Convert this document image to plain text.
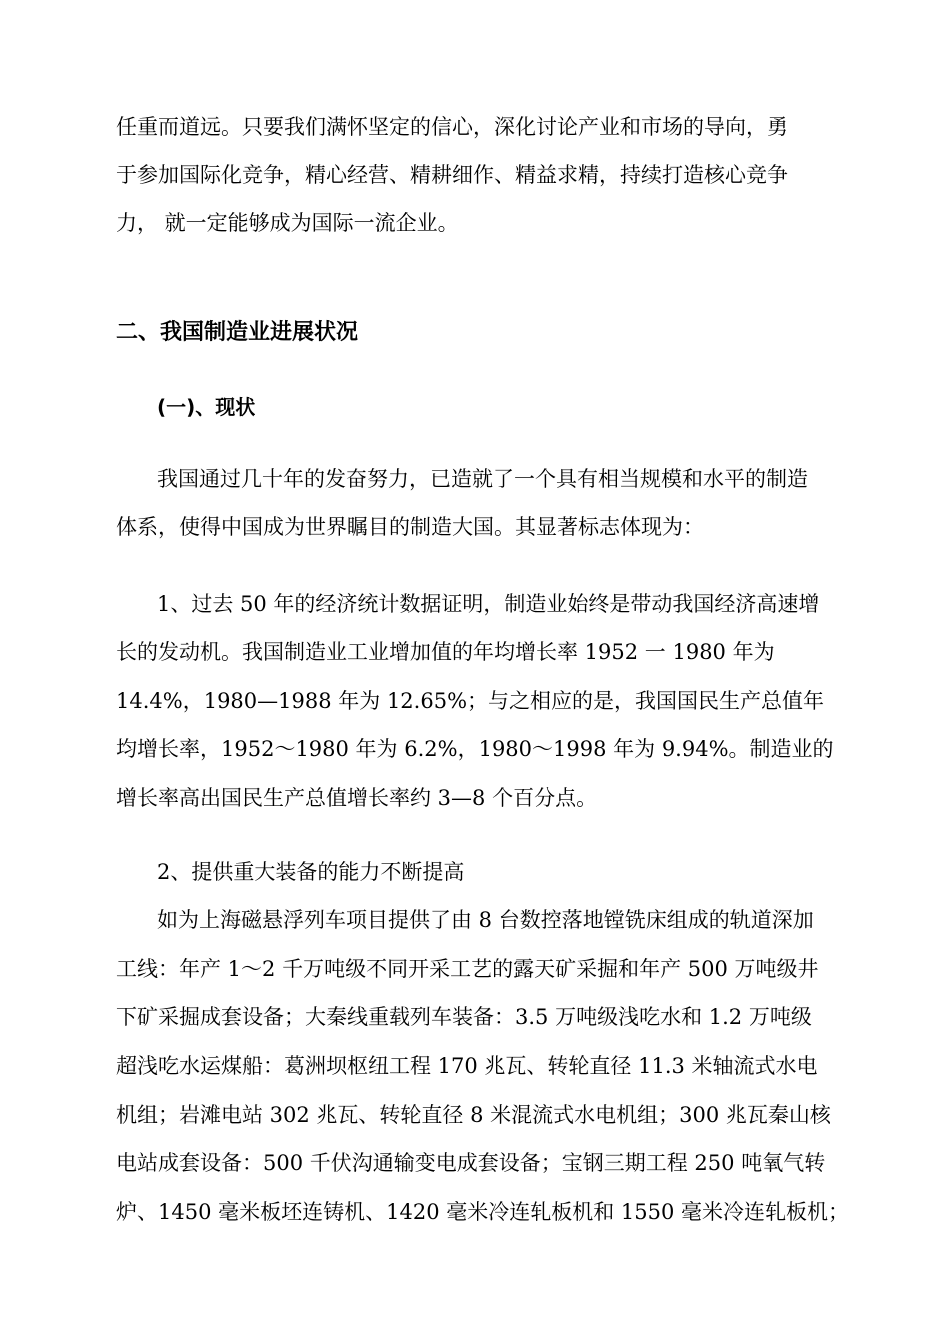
任重而道远。只要我们满怀坚定的信心，深化讨论产业和市场的导向，勇
于参加国际化竞争，精心经营、精耕细作、精益求精，持续打造核心竞争
力， 就一定能够成为国际一流企业。
二、我国制造业进展状况
(一)、现状
我国通过几十年的发奋努力，已造就了一个具有相当规模和水平的制造
体系，使得中国成为世界瞩目的制造大国。其显著标志体现为：
1、过去 50 年的经济统计数据证明，制造业始终是带动我国经济高速增
长的发动机。我国制造业工业增加值的年均增长率 1952 一 1980 年为
14.4%，1980—1988 年为 12.65%；与之相应的是，我国国民生产总值年
均增长率，1952～1980 年为 6.2%，1980～1998 年为 9.94%。制造业的
增长率高出国民生产总值增长率约 3—8 个百分点。
2、提供重大装备的能力不断提高
如为上海磁悬浮列车项目提供了由 8 台数控落地镗铣床组成的轨道深加
工线：年产 1～2 千万吨级不同开采工艺的露天矿采掘和年产 500 万吨级井
下矿采掘成套设备；大秦线重载列车装备：3.5 万吨级浅吃水和 1.2 万吨级
超浅吃水运煤船：葛洲坝枢纽工程 170 兆瓦、转轮直径 11.3 米轴流式水电
机组；岩滩电站 302 兆瓦、转轮直径 8 米混流式水电机组；300 兆瓦秦山核
电站成套设备：500 千伏沟通输变电成套设备；宝钢三期工程 250 吨氧气转
炉、1450 毫米板坯连铸机、1420 毫米冷连轧板机和 1550 毫米冷连轧板机；
